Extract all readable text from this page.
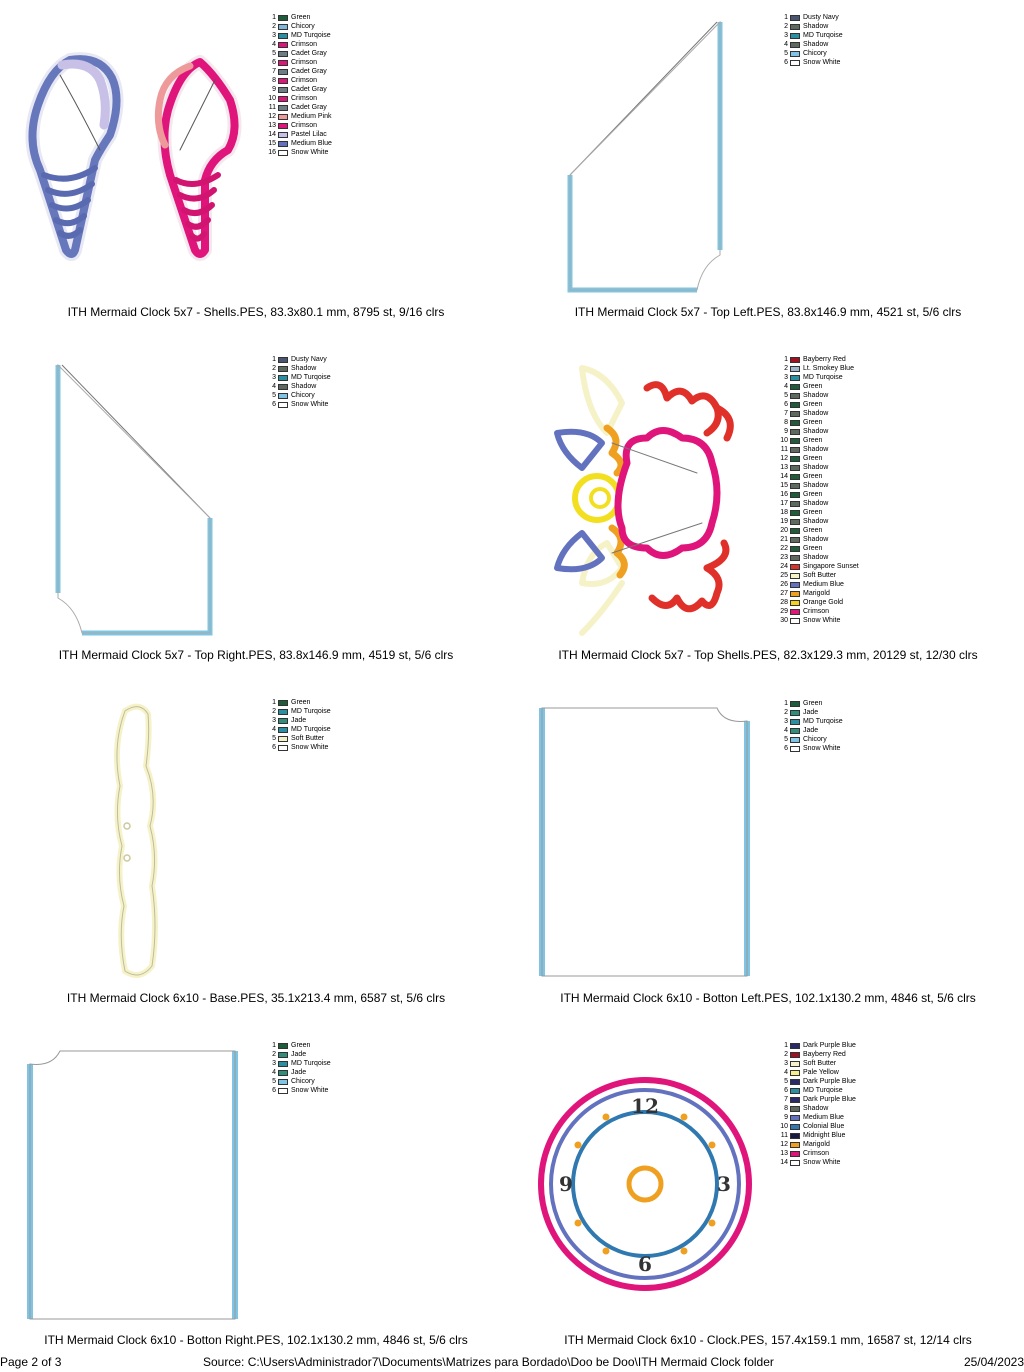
1 Green
2 Chicory
3 MD Turqoise
4 Crimson
5 Cadet Gray
6 Crimson
7 Cadet Gray
8 Crimson
9 Cadet Gray
10 Crimson
11 Cadet Gray
12 Medium Pink
13 Crimson
14 Pastel Lilac
15 Medium Blue
16 Snow White
ITH Mermaid Clock 5x7 - Shells.PES, 83.3x80.1 mm, 8795 st, 9/16 clrs
1 Dusty Navy
2 Shadow
3 MD Turqoise
4 Shadow
5 Chicory
6 Snow White
ITH Mermaid Clock 5x7 - Top Left.PES, 83.8x146.9 mm, 4521 st, 5/6 clrs
1 Dusty Navy
2 Shadow
3 MD Turqoise
4 Shadow
5 Chicory
6 Snow White
ITH Mermaid Clock 5x7 - Top Right.PES, 83.8x146.9 mm, 4519 st, 5/6 clrs
1 Bayberry Red
2 Lt. Smokey Blue
3 MD Turqoise
4 Green
5 Shadow
6 Green
7 Shadow
8 Green
9 Shadow
10 Green
11 Shadow
12 Green
13 Shadow
14 Green
15 Shadow
16 Green
17 Shadow
18 Green
19 Shadow
20 Green
21 Shadow
22 Green
23 Shadow
24 Singapore Sunset
25 Soft Butter
26 Medium Blue
27 Marigold
28 Orange Gold
29 Crimson
30 Snow White
ITH Mermaid Clock 5x7 - Top Shells.PES, 82.3x129.3 mm, 20129 st, 12/30 clrs
1 Green
2 MD Turqoise
3 Jade
4 MD Turqoise
5 Soft Butter
6 Snow White
ITH Mermaid Clock 6x10 - Base.PES, 35.1x213.4 mm, 6587 st, 5/6 clrs
1 Green
2 Jade
3 MD Turqoise
4 Jade
5 Chicory
6 Snow White
ITH Mermaid Clock 6x10 - Botton Left.PES, 102.1x130.2 mm, 4846 st, 5/6 clrs
1 Green
2 Jade
3 MD Turqoise
4 Jade
5 Chicory
6 Snow White
ITH Mermaid Clock 6x10 - Botton Right.PES, 102.1x130.2 mm, 4846 st, 5/6 clrs
12
3
6
9
1 Dark Purple Blue
2 Bayberry Red
3 Soft Butter
4 Pale Yellow
5 Dark Purple Blue
6 MD Turqoise
7 Dark Purple Blue
8 Shadow
9 Medium Blue
10 Colonial Blue
11 Midnight Blue
12 Marigold
13 Crimson
14 Snow White
ITH Mermaid Clock 6x10 - Clock.PES, 157.4x159.1 mm, 16587 st, 12/14 clrs
Page 2 of 3	Source: C:\Users\Administrador7\Documents\Matrizes para Bordado\Doo be Doo\ITH Mermaid Clock folder	25/04/2023
